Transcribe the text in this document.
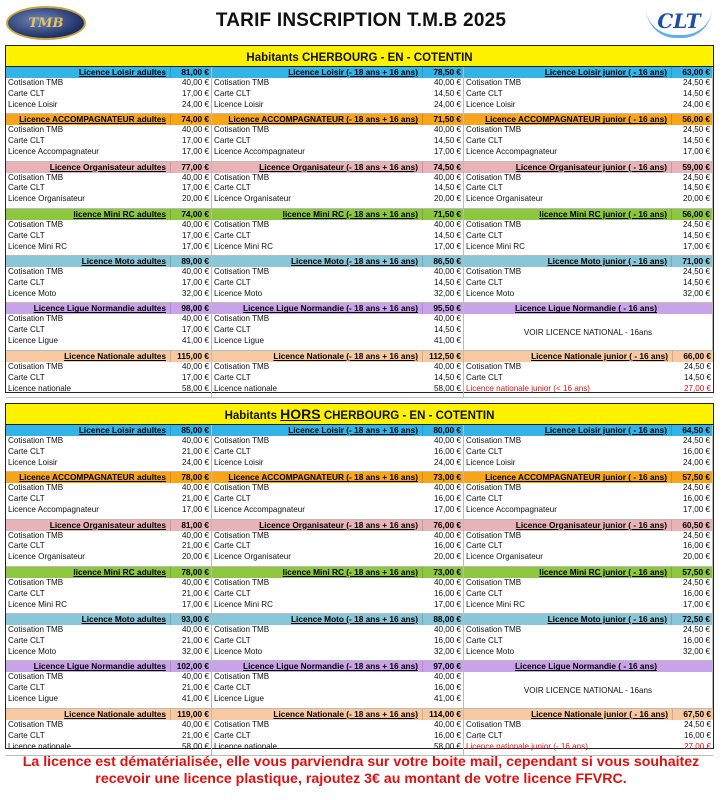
TMB	TARIF INSCRIPTION T.M.B 2025	CLT
Habitants CHERBOURG - EN - COTENTIN
Licence Loisir adultes	81,00 €
Cotisation TMB	40,00 €
Carte CLT	17,00 €
Licence Loisir	24,00 €
Licence Loisir (- 18 ans + 16 ans)	78,50 €
Cotisation TMB	40,00 €
Carte CLT	14,50 €
Licence Loisir	24,00 €
Licence Loisir junior ( - 16 ans)	63,00 €
Cotisation TMB	24,50 €
Carte CLT	14,50 €
Licence Loisir	24,00 €
Licence ACCOMPAGNATEUR adultes	74,00 €
Cotisation TMB	40,00 €
Carte CLT	17,00 €
Licence Accompagnateur	17,00 €
Licence ACCOMPAGNATEUR (- 18 ans + 16 ans)	71,50 €
Cotisation TMB	40,00 €
Carte CLT	14,50 €
Licence Accompagnateur	17,00 €
Licence ACCOMPAGNATEUR junior ( - 16 ans)	56,00 €
Cotisation TMB	24,50 €
Carte CLT	14,50 €
Licence Accompagnateur	17,00 €
Licence Organisateur adultes	77,00 €
Cotisation TMB	40,00 €
Carte CLT	17,00 €
Licence Organisateur	20,00 €
Licence Organisateur (- 18 ans + 16 ans)	74,50 €
Cotisation TMB	40,00 €
Carte CLT	14,50 €
Licence Organisateur	20,00 €
Licence Organisateur junior ( - 16 ans)	59,00 €
Cotisation TMB	24,50 €
Carte CLT	14,50 €
Licence Organisateur	20,00 €
licence Mini RC adultes	74,00 €
Cotisation TMB	40,00 €
Carte CLT	17,00 €
Licence Mini RC	17,00 €
licence Mini RC (- 18 ans + 16 ans)	71,50 €
Cotisation TMB	40,00 €
Carte CLT	14,50 €
Licence Mini RC	17,00 €
licence Mini RC junior ( - 16 ans)	56,00 €
Cotisation TMB	24,50 €
Carte CLT	14,50 €
Licence Mini RC	17,00 €
Licence Moto adultes	89,00 €
Cotisation TMB	40,00 €
Carte CLT	17,00 €
Licence Moto	32,00 €
Licence Moto (- 18 ans + 16 ans)	86,50 €
Cotisation TMB	40,00 €
Carte CLT	14,50 €
Licence Moto	32,00 €
Licence Moto junior ( - 16 ans)	71,00 €
Cotisation TMB	24,50 €
Carte CLT	14,50 €
Licence Moto	32,00 €
Licence Ligue Normandie adultes	98,00 €
Cotisation TMB	40,00 €
Carte CLT	17,00 €
Licence Ligue	41,00 €
Licence Ligue Normandie (- 18 ans + 16 ans)	95,50 €
Cotisation TMB	40,00 €
Carte CLT	14,50 €
Licence Ligue	41,00 €
Licence Ligue Normandie ( - 16 ans)
VOIR LICENCE NATIONAL - 16ans
Licence Nationale adultes	115,00 €
Cotisation TMB	40,00 €
Carte CLT	17,00 €
Licence nationale	58,00 €
Licence Nationale (- 18 ans + 16 ans)	112,50 €
Cotisation TMB	40,00 €
Carte CLT	14,50 €
Licence nationale	58,00 €
Licence Nationale junior ( - 16 ans)	66,00 €
Cotisation TMB	24,50 €
Carte CLT	14,50 €
Licence nationale junior (< 16 ans)	27,00 €
Habitants HORS CHERBOURG - EN - COTENTIN
Licence Loisir adultes	85,00 €
Cotisation TMB	40,00 €
Carte CLT	21,00 €
Licence Loisir	24,00 €
Licence Loisir (- 18 ans + 16 ans)	80,00 €
Cotisation TMB	40,00 €
Carte CLT	16,00 €
Licence Loisir	24,00 €
Licence Loisir junior ( - 16 ans)	64,50 €
Cotisation TMB	24,50 €
Carte CLT	16,00 €
Licence Loisir	24,00 €
Licence ACCOMPAGNATEUR adultes	78,00 €
Cotisation TMB	40,00 €
Carte CLT	21,00 €
Licence Accompagnateur	17,00 €
Licence ACCOMPAGNATEUR (- 18 ans + 16 ans)	73,00 €
Cotisation TMB	40,00 €
Carte CLT	16,00 €
Licence Accompagnateur	17,00 €
Licence ACCOMPAGNATEUR junior ( - 16 ans)	57,50 €
Cotisation TMB	24,50 €
Carte CLT	16,00 €
Licence Accompagnateur	17,00 €
Licence Organisateur adultes	81,00 €
Cotisation TMB	40,00 €
Carte CLT	21,00 €
Licence Organisateur	20,00 €
Licence Organisateur (- 18 ans + 16 ans)	76,00 €
Cotisation TMB	40,00 €
Carte CLT	16,00 €
Licence Organisateur	20,00 €
Licence Organisateur junior ( - 16 ans)	60,50 €
Cotisation TMB	24,50 €
Carte CLT	16,00 €
Licence Organisateur	20,00 €
licence Mini RC adultes	78,00 €
Cotisation TMB	40,00 €
Carte CLT	21,00 €
Licence Mini RC	17,00 €
licence Mini RC (- 18 ans + 16 ans)	73,00 €
Cotisation TMB	40,00 €
Carte CLT	16,00 €
Licence Mini RC	17,00 €
licence Mini RC junior ( - 16 ans)	57,50 €
Cotisation TMB	24,50 €
Carte CLT	16,00 €
Licence Mini RC	17,00 €
Licence Moto adultes	93,00 €
Cotisation TMB	40,00 €
Carte CLT	21,00 €
Licence Moto	32,00 €
Licence Moto (- 18 ans + 16 ans)	88,00 €
Cotisation TMB	40,00 €
Carte CLT	16,00 €
Licence Moto	32,00 €
Licence Moto junior ( - 16 ans)	72,50 €
Cotisation TMB	24,50 €
Carte CLT	16,00 €
Licence Moto	32,00 €
Licence Ligue Normandie adultes	102,00 €
Cotisation TMB	40,00 €
Carte CLT	21,00 €
Licence Ligue	41,00 €
Licence Ligue Normandie (- 18 ans + 16 ans)	97,00 €
Cotisation TMB	40,00 €
Carte CLT	16,00 €
Licence Ligue	41,00 €
Licence Ligue Normandie ( - 16 ans)
VOIR LICENCE NATIONAL - 16ans
Licence Nationale adultes	119,00 €
Cotisation TMB	40,00 €
Carte CLT	21,00 €
Licence nationale	58,00 €
Licence Nationale (- 18 ans + 16 ans)	114,00 €
Cotisation TMB	40,00 €
Carte CLT	16,00 €
Licence nationale	58,00 €
Licence Nationale junior ( - 16 ans)	67,50 €
Cotisation TMB	24,50 €
Carte CLT	16,00 €
Licence nationale junior (- 16 ans)	27,00 €
La licence est dématérialisée, elle vous parviendra sur votre boite mail, cependant si vous souhaitez recevoir une licence plastique, rajoutez 3€ au montant de votre licence FFVRC.
